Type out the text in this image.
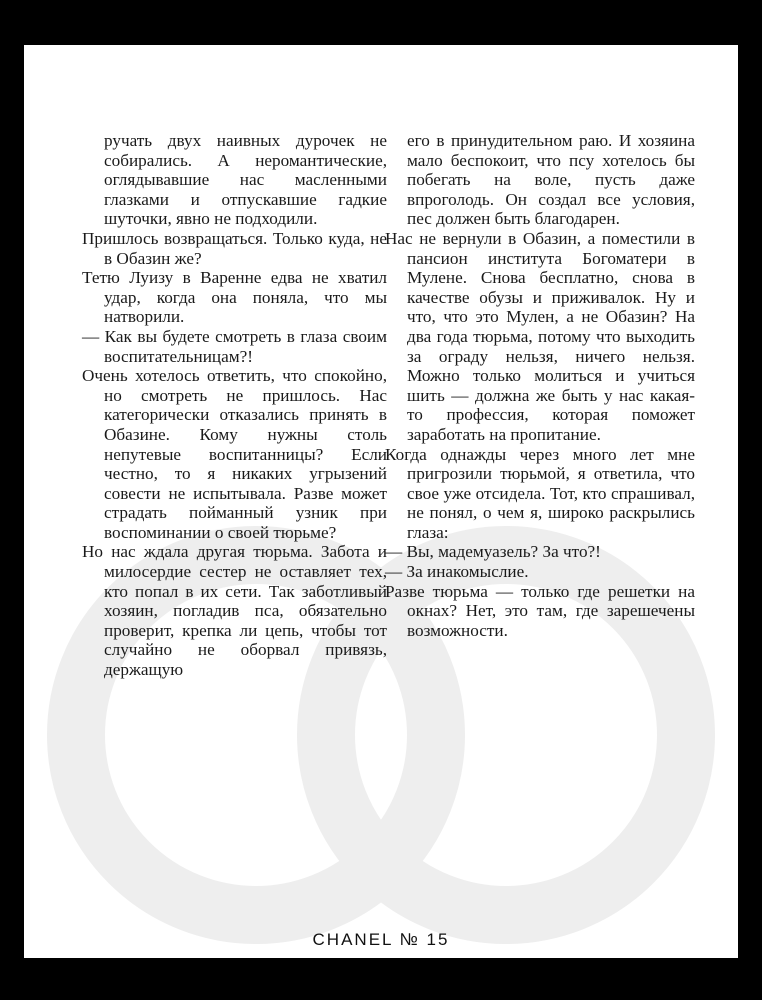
ручать двух наивных дурочек не собирались. А неромантические, оглядывавшие нас масленными глазками и отпускавшие гадкие шуточки, явно не подходили.

Пришлось возвращаться. Только куда, не в Обазин же?

Тетю Луизу в Варенне едва не хватил удар, когда она поняла, что мы натворили.

— Как вы будете смотреть в глаза своим воспитательницам?!

Очень хотелось ответить, что спокойно, но смотреть не пришлось. Нас категорически отказались принять в Обазине. Кому нужны столь непутевые воспитанницы? Если честно, то я никаких угрызений совести не испытывала. Разве может страдать пойманный узник при воспоминании о своей тюрьме?

Но нас ждала другая тюрьма. Забота и милосердие сестер не оставляет тех, кто попал в их сети. Так заботливый хозяин, погладив пса, обязательно проверит, крепка ли цепь, чтобы тот случайно не оборвал привязь, держащую

его в принудительном раю. И хозяина мало беспокоит, что псу хотелось бы побегать на воле, пусть даже впроголодь. Он создал все условия, пес должен быть благодарен.

Нас не вернули в Обазин, а поместили в пансион института Богоматери в Мулене. Снова бесплатно, снова в качестве обузы и приживалок. Ну и что, что это Мулен, а не Обазин? На два года тюрьма, потому что выходить за ограду нельзя, ничего нельзя. Можно только молиться и учиться шить — должна же быть у нас какая-то профессия, которая поможет заработать на пропитание.

Когда однажды через много лет мне пригрозили тюрьмой, я ответила, что свое уже отсидела. Тот, кто спрашивал, не понял, о чем я, широко раскрылись глаза:

— Вы, мадемуазель? За что?!

— За инакомыслие.

Разве тюрьма — только где решетки на окнах? Нет, это там, где зарешечены возможности.

CHANEL № 15
